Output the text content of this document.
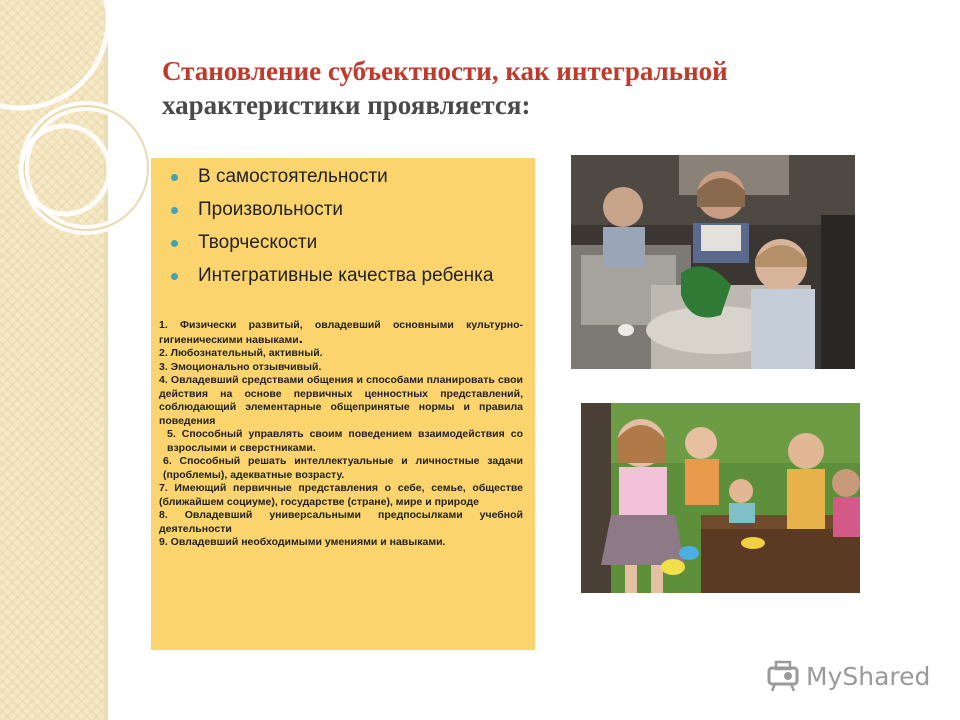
Становление субъектности, как интегральной
характеристики проявляется:
В самостоятельности
Произвольности
Творческости
Интегративные качества ребенка

1. Физически развитый, овладевший основными культурно-гигиеническими навыками.

2. Любознательный, активный.

3. Эмоционально отзывчивый.

4. Овладевший средствами общения и способами планировать свои действия на основе первичных ценностных представлений, соблюдающий элементарные общепринятые нормы и правила поведения

5. Способный управлять своим поведением взаимодействия со взрослыми и сверстниками.

6. Способный решать интеллектуальные и личностные задачи (проблемы), адекватные возрасту.

7. Имеющий первичные представления о себе, семье, обществе (ближайшем социуме), государстве (стране), мире и природе

8. Овладевший универсальными предпосылками учебной деятельности

9. Овладевший необходимыми умениями и навыками.

MyShared
